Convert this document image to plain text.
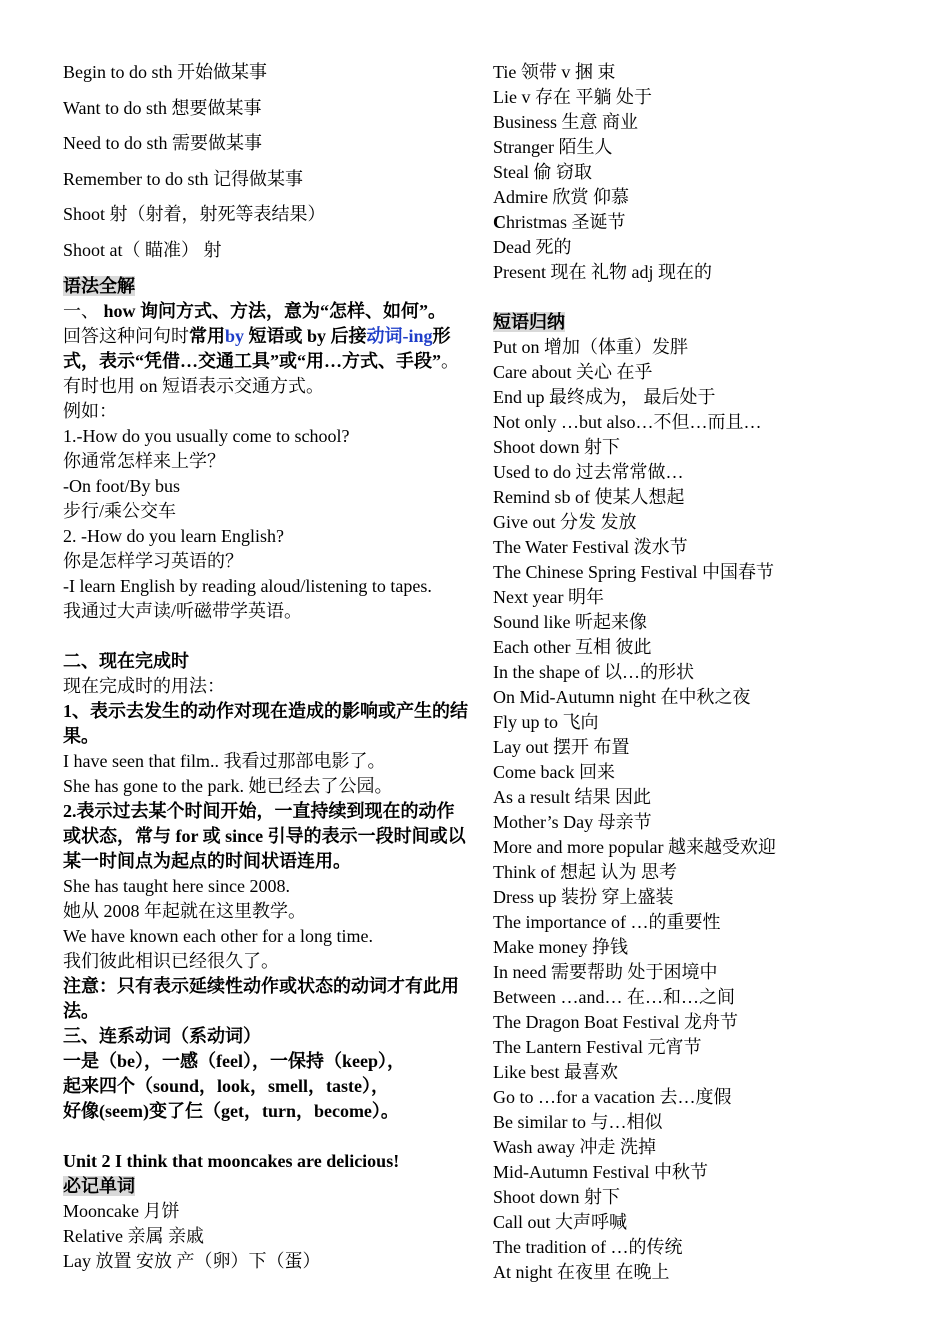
Begin to do sth 开始做某事
Want to do sth 想要做某事
Need to do sth 需要做某事
Remember to do sth 记得做某事
Shoot 射（射着，射死等表结果）
Shoot at（ 瞄准） 射
语法全解
一、 how 询问方式、方法，意为“怎样、如何”。
回答这种问句时常用by 短语或 by 后接动词-ing形式，表示“凭借…交通工具”或“用…方式、手段”。有时也用 on 短语表示交通方式。
例如：
1.-How do you usually come to school?
你通常怎样来上学？
-On foot/By bus
步行/乘公交车
2. -How do you learn English?
你是怎样学习英语的？
-I learn English by reading aloud/listening to tapes.
我通过大声读/听磁带学英语。
二、现在完成时
现在完成时的用法：
1、表示去发生的动作对现在造成的影响或产生的结果。
I have seen that film.. 我看过那部电影了。
She has gone to the park. 她已经去了公园。
2.表示过去某个时间开始，一直持续到现在的动作或状态，常与 for 或 since 引导的表示一段时间或以某一时间点为起点的时间状语连用。
She has taught here since 2008.
她从 2008 年起就在这里教学。
We have known each other for a long time.
我们彼此相识已经很久了。
注意：只有表示延续性动作或状态的动词才有此用法。
三、连系动词（系动词）
一是（be），一感（feel），一保持（keep），
起来四个（sound，look，smell，taste），
好像(seem)变了仨（get，turn，become）。
Unit 2 I think that mooncakes are delicious!
必记单词
Mooncake 月饼
Relative 亲属 亲戚
Lay 放置 安放 产（卵）下（蛋）
Tie 领带 v 捆 束
Lie v 存在 平躺 处于
Business 生意 商业
Stranger 陌生人
Steal 偷 窃取
Admire 欣赏 仰慕
Christmas 圣诞节
Dead 死的
Present 现在 礼物 adj 现在的
短语归纳
Put on 增加（体重）发胖
Care about 关心 在乎
End up 最终成为， 最后处于
Not only …but also…不但…而且…
Shoot down 射下
Used to do 过去常常做…
Remind sb of 使某人想起
Give out 分发 发放
The Water Festival 泼水节
The Chinese Spring Festival 中国春节
Next year 明年
Sound like 听起来像
Each other 互相 彼此
In the shape of 以…的形状
On Mid-Autumn night 在中秋之夜
Fly up to 飞向
Lay out 摆开 布置
Come back 回来
As a result 结果 因此
Mother’s Day 母亲节
More and more popular 越来越受欢迎
Think of 想起 认为 思考
Dress up 装扮 穿上盛装
The importance of …的重要性
Make money 挣钱
In need 需要帮助 处于困境中
Between …and… 在…和…之间
The Dragon Boat Festival 龙舟节
The Lantern Festival 元宵节
Like best 最喜欢
Go to …for a vacation 去…度假
Be similar to 与…相似
Wash away 冲走 洗掉
Mid-Autumn Festival 中秋节
Shoot down 射下
Call out 大声呼喊
The tradition of …的传统
At night 在夜里 在晚上
